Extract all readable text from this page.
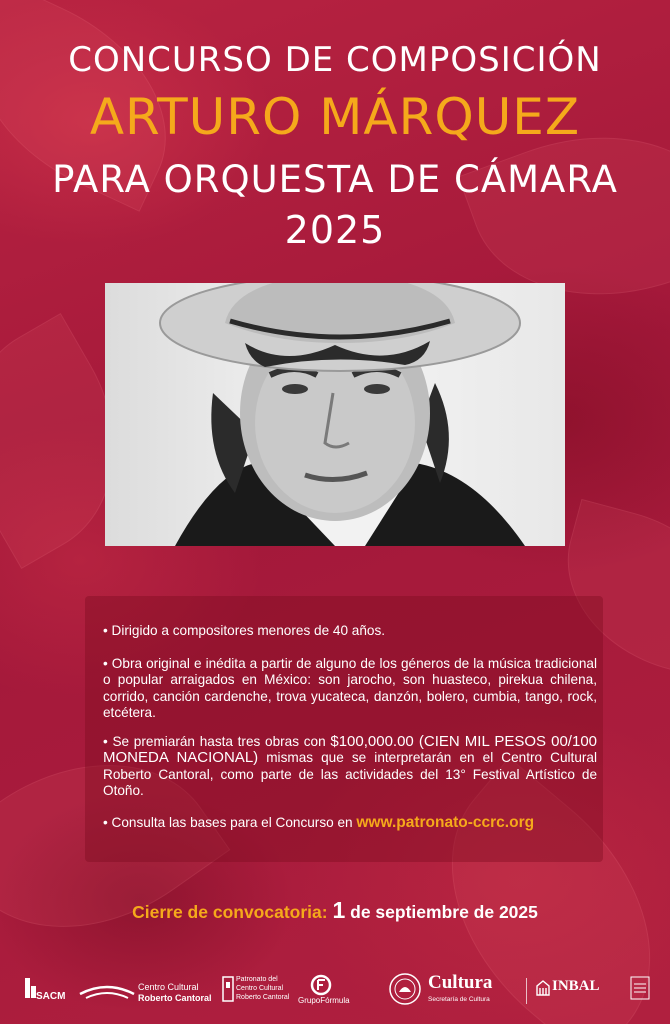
CONCURSO DE COMPOSICIÓN
ARTURO MÁRQUEZ
PARA ORQUESTA DE CÁMARA
2025
• Dirigido a compositores menores de 40 años.
• Obra original e inédita a partir de alguno de los géneros de la música tradicional o popular arraigados en México: son jarocho, son huasteco, pirekua chilena, corrido, canción cardenche, trova yucateca, danzón, bolero, cumbia, tango, rock, etcétera.
• Se premiarán hasta tres obras con $100,000.00 (CIEN MIL PESOS 00/100 MONEDA NACIONAL) mismas que se interpretarán en el Centro Cultural Roberto Cantoral, como parte de las actividades del 13° Festival Artístico de Otoño.
• Consulta las bases para el Concurso en www.patronato-ccrc.org
Cierre de convocatoria: 1 de septiembre de 2025
SACM
Centro Cultural
Roberto Cantoral
Patronato del
Centro Cultural
Roberto Cantoral GrupoFórmula
Cultura
Secretaría de Cultura
INBAL
